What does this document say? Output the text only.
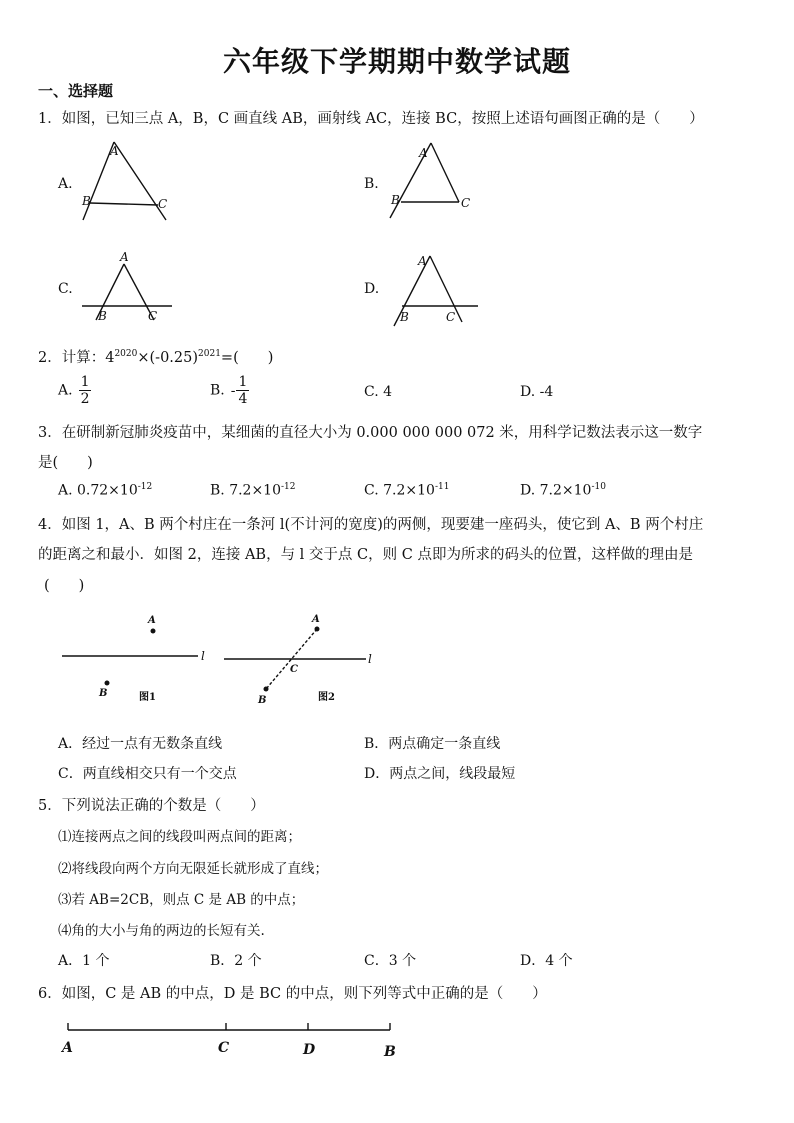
六年级下学期期中数学试题
一、选择题
1．如图，已知三点 A，B，C 画直线 AB，画射线 AC，连接 BC，按照上述语句画图正确的是（　　）
A.
A
B	C
B.
A
B	C
C.
A
B	C
D.
A
B	C
2．计算：$4^{2020}\times(-0.25)^{2021}=$(　　)
A. $\frac{1}{2}$	B. - $\frac{1}{4}$	C. 4	D. -4
3．在研制新冠肺炎疫苗中，某细菌的直径大小为 0.000 000 000 072 米，用科学记数法表示这一数字
是(　　)
A. $0.72\times 10^{-12}$	B. $7.2\times 10^{-12}$	C. $7.2\times 10^{-11}$	D. $7.2\times 10^{-10}$
4．如图 1，A、B 两个村庄在一条河 l(不计河的宽度)的两侧，现要建一座码头，使它到 A、B 两个村庄
的距离之和最小．如图 2，连接 AB，与 l 交于点 C，则 C 点即为所求的码头的位置，这样做的理由是
(　　)
A
B
l
图1
A
B
C
l
图2
A．经过一点有无数条直线	B．两点确定一条直线
C．两直线相交只有一个交点	D．两点之间，线段最短
5．下列说法正确的个数是（　　）
⑴连接两点之间的线段叫两点间的距离；
⑵将线段向两个方向无限延长就形成了直线；
⑶若 AB=2CB，则点 C 是 AB 的中点；
⑷角的大小与角的两边的长短有关.
A．1 个	B．2 个	C．3 个	D．4 个
6．如图，C 是 AB 的中点，D 是 BC 的中点，则下列等式中正确的是（　　）
A	C	D	B
